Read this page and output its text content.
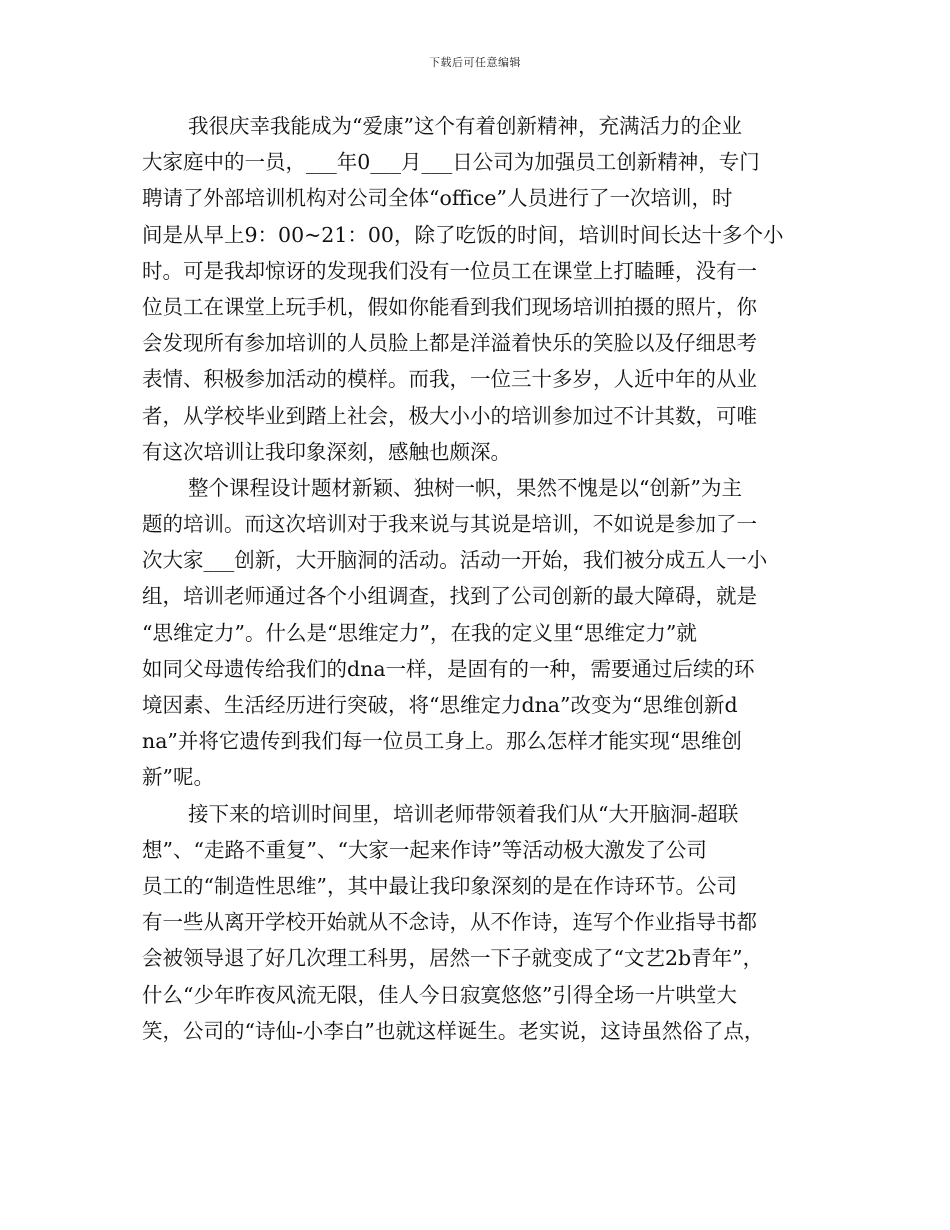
下载后可任意编辑
我很庆幸我能成为“爱康”这个有着创新精神，充满活力的企业
大家庭中的一员，___年0___月___日公司为加强员工创新精神，专门
聘请了外部培训机构对公司全体“office”人员进行了一次培训，时
间是从早上9：00~21：00，除了吃饭的时间，培训时间长达十多个小
时。可是我却惊讶的发现我们没有一位员工在课堂上打瞌睡，没有一
位员工在课堂上玩手机，假如你能看到我们现场培训拍摄的照片，你
会发现所有参加培训的人员脸上都是洋溢着快乐的笑脸以及仔细思考
表情、积极参加活动的模样。而我，一位三十多岁，人近中年的从业
者，从学校毕业到踏上社会，极大小小的培训参加过不计其数，可唯
有这次培训让我印象深刻，感触也颇深。
整个课程设计题材新颖、独树一帜，果然不愧是以“创新”为主
题的培训。而这次培训对于我来说与其说是培训，不如说是参加了一
次大家___创新，大开脑洞的活动。活动一开始，我们被分成五人一小
组，培训老师通过各个小组调查，找到了公司创新的最大障碍，就是
“思维定力”。什么是“思维定力”，在我的定义里“思维定力”就
如同父母遗传给我们的dna一样，是固有的一种，需要通过后续的环
境因素、生活经历进行突破，将“思维定力dna”改变为“思维创新d
na”并将它遗传到我们每一位员工身上。那么怎样才能实现“思维创
新”呢。
接下来的培训时间里，培训老师带领着我们从“大开脑洞-超联
想”、“走路不重复”、“大家一起来作诗”等活动极大激发了公司
员工的“制造性思维”，其中最让我印象深刻的是在作诗环节。公司
有一些从离开学校开始就从不念诗，从不作诗，连写个作业指导书都
会被领导退了好几次理工科男，居然一下子就变成了“文艺2b青年”，
什么“少年昨夜风流无限，佳人今日寂寞悠悠”引得全场一片哄堂大
笑，公司的“诗仙-小李白”也就这样诞生。老实说，这诗虽然俗了点，
